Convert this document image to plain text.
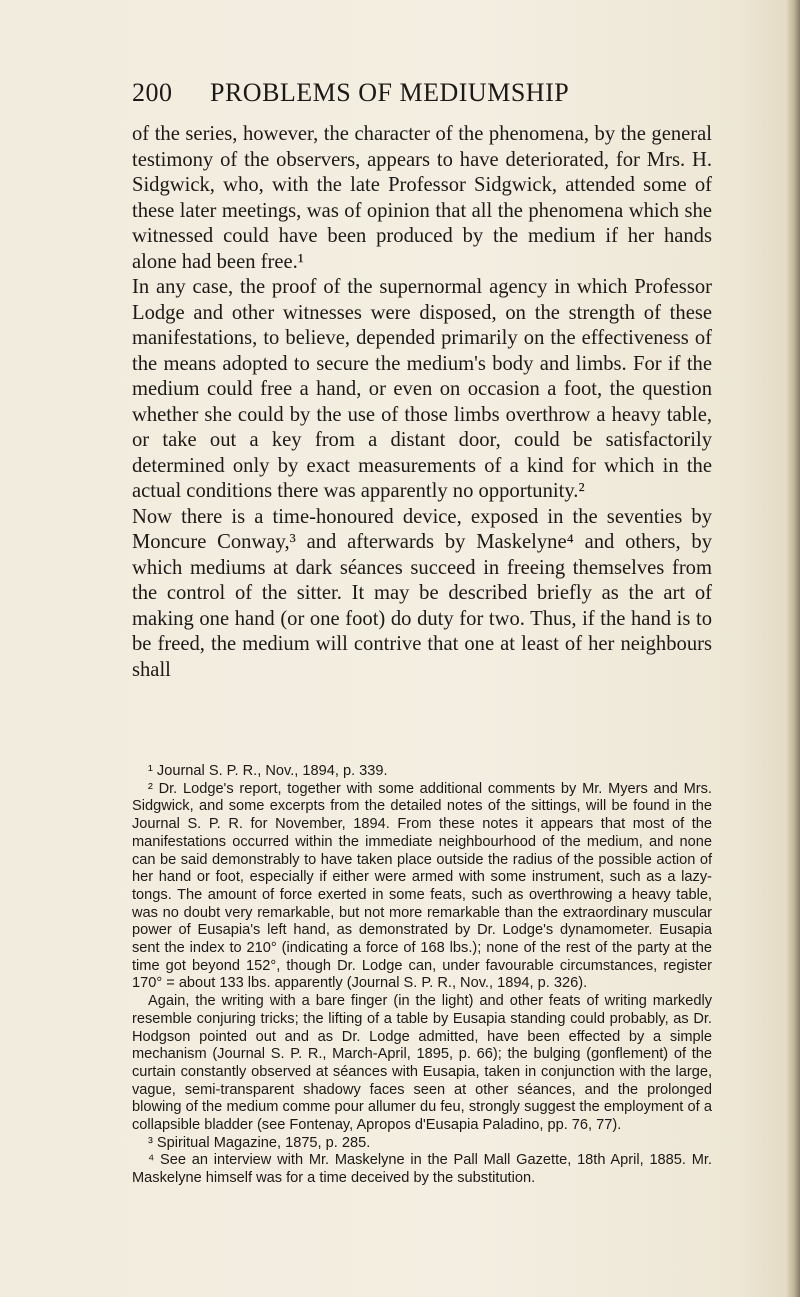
200 PROBLEMS OF MEDIUMSHIP

of the series, however, the character of the phenomena, by the general testimony of the observers, appears to have deteriorated, for Mrs. H. Sidgwick, who, with the late Professor Sidgwick, attended some of these later meetings, was of opinion that all the phenomena which she witnessed could have been produced by the medium if her hands alone had been free.¹

In any case, the proof of the supernormal agency in which Professor Lodge and other witnesses were disposed, on the strength of these manifestations, to believe, depended primarily on the effectiveness of the means adopted to secure the medium's body and limbs. For if the medium could free a hand, or even on occasion a foot, the question whether she could by the use of those limbs overthrow a heavy table, or take out a key from a distant door, could be satisfactorily determined only by exact measurements of a kind for which in the actual conditions there was apparently no opportunity.²

Now there is a time-honoured device, exposed in the seventies by Moncure Conway,³ and afterwards by Maskelyne⁴ and others, by which mediums at dark séances succeed in freeing themselves from the control of the sitter. It may be described briefly as the art of making one hand (or one foot) do duty for two. Thus, if the hand is to be freed, the medium will contrive that one at least of her neighbours shall

¹ Journal S. P. R., Nov., 1894, p. 339.

² Dr. Lodge's report, together with some additional comments by Mr. Myers and Mrs. Sidgwick, and some excerpts from the detailed notes of the sittings, will be found in the Journal S. P. R. for November, 1894. From these notes it appears that most of the manifestations occurred within the immediate neighbourhood of the medium, and none can be said demonstrably to have taken place outside the radius of the possible action of her hand or foot, especially if either were armed with some instrument, such as a lazy-tongs. The amount of force exerted in some feats, such as overthrowing a heavy table, was no doubt very remarkable, but not more remarkable than the extraordinary muscular power of Eusapia's left hand, as demonstrated by Dr. Lodge's dynamometer. Eusapia sent the index to 210° (indicating a force of 168 lbs.); none of the rest of the party at the time got beyond 152°, though Dr. Lodge can, under favourable circumstances, register 170° = about 133 lbs. apparently (Journal S. P. R., Nov., 1894, p. 326).

Again, the writing with a bare finger (in the light) and other feats of writing markedly resemble conjuring tricks; the lifting of a table by Eusapia standing could probably, as Dr. Hodgson pointed out and as Dr. Lodge admitted, have been effected by a simple mechanism (Journal S. P. R., March-April, 1895, p. 66); the bulging (gonflement) of the curtain constantly observed at séances with Eusapia, taken in conjunction with the large, vague, semi-transparent shadowy faces seen at other séances, and the prolonged blowing of the medium comme pour allumer du feu, strongly suggest the employment of a collapsible bladder (see Fontenay, Apropos d'Eusapia Paladino, pp. 76, 77).

³ Spiritual Magazine, 1875, p. 285.

⁴ See an interview with Mr. Maskelyne in the Pall Mall Gazette, 18th April, 1885. Mr. Maskelyne himself was for a time deceived by the substitution.
